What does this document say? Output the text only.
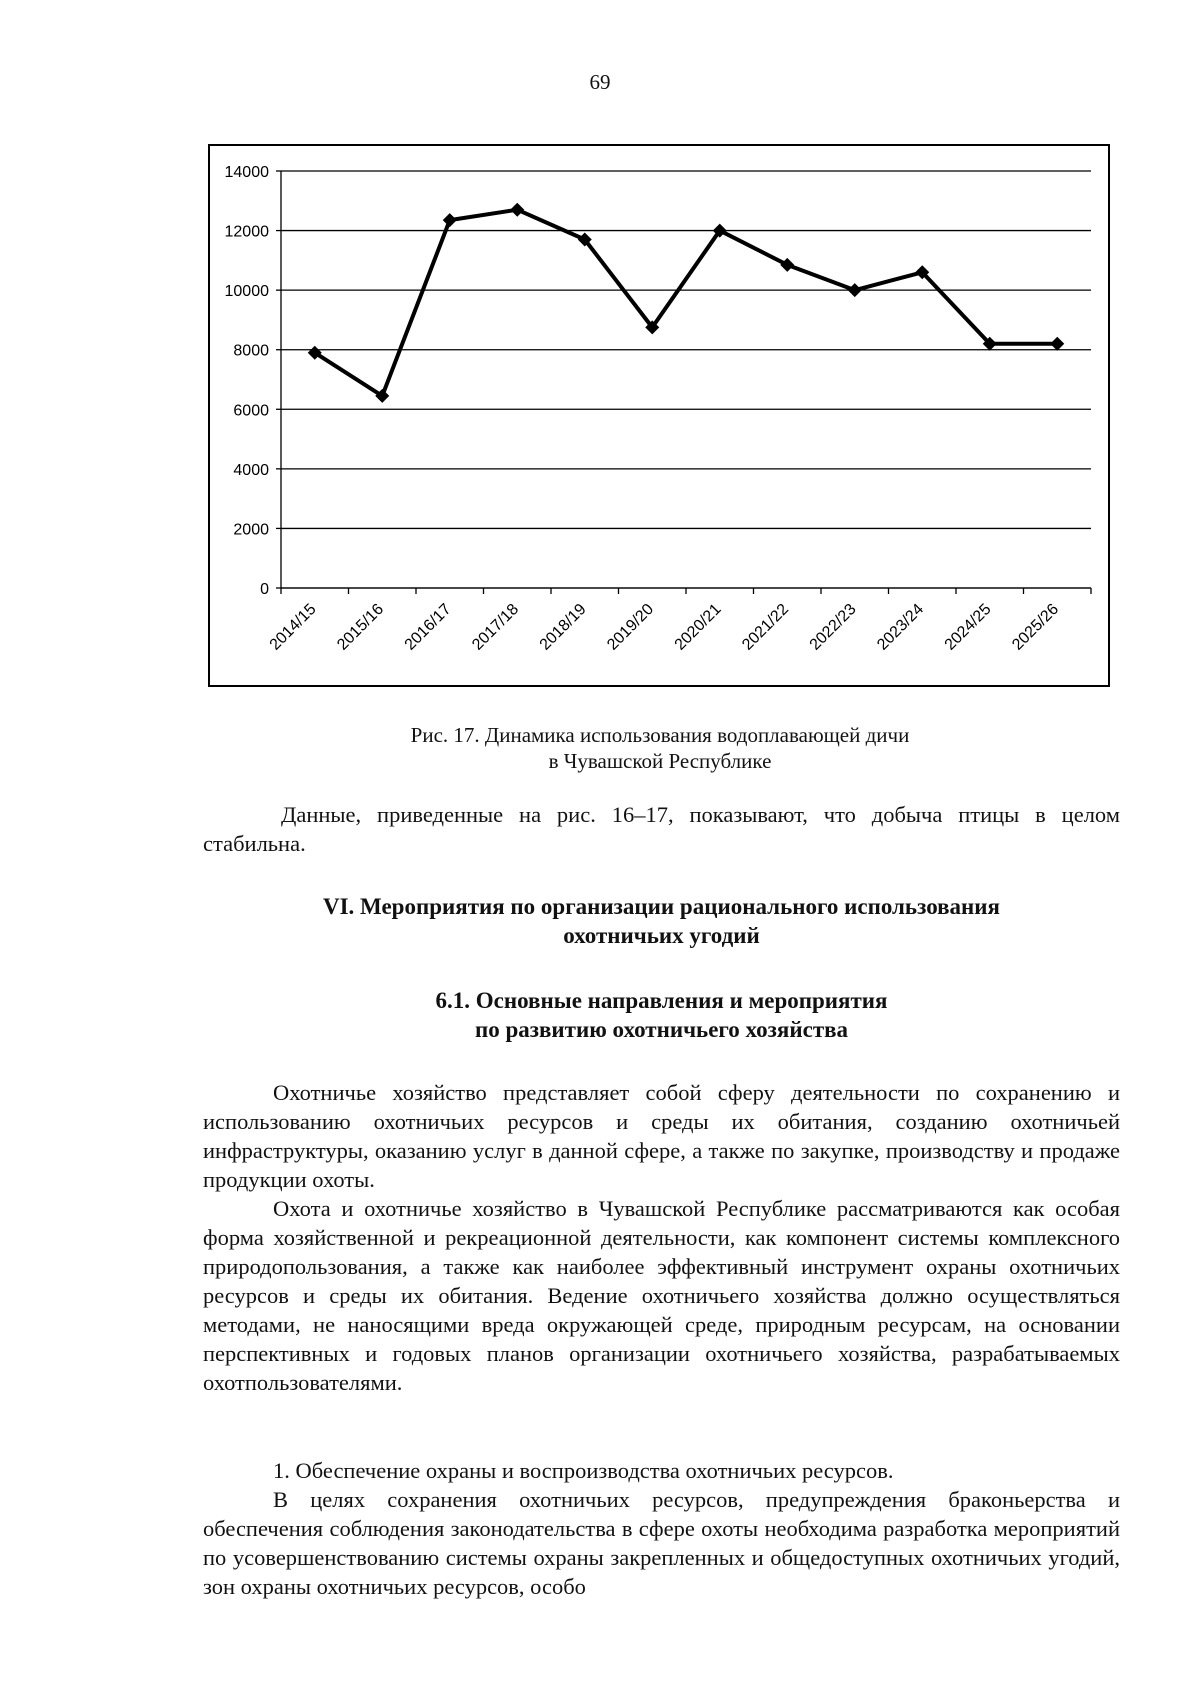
69
0
2000
4000
6000
8000
10000
12000
14000
2014/15 2015/16 2016/17 2017/18 2018/19 2019/20 2020/21 2021/22 2022/23 2023/24 2024/25 2025/26
Рис. 17. Динамика использования водоплавающей дичи
в Чувашской Республике

Данные, приведенные на рис. 16–17, показывают, что добыча птицы в целом стабильна.

VI. Мероприятия по организации рационального использования
охотничьих угодий
6.1. Основные направления и мероприятия
по развитию охотничьего хозяйства

Охотничье хозяйство представляет собой сферу деятельности по сохранению и использованию охотничьих ресурсов и среды их обитания, созданию охотничьей инфраструктуры, оказанию услуг в данной сфере, а также по закупке, производству и продаже продукции охоты.

Охота и охотничье хозяйство в Чувашской Республике рассматриваются как особая форма хозяйственной и рекреационной деятельности, как компонент системы комплексного природопользования, а также как наиболее эффективный инструмент охраны охотничьих ресурсов и среды их обитания. Ведение охотничьего хозяйства должно осуществляться методами, не наносящими вреда окружающей среде, природным ресурсам, на основании перспективных и годовых планов организации охотничьего хозяйства, разрабатываемых охотпользователями.

1. Обеспечение охраны и воспроизводства охотничьих ресурсов.

В целях сохранения охотничьих ресурсов, предупреждения браконьерства и обеспечения соблюдения законодательства в сфере охоты необходима разработка мероприятий по усовершенствованию системы охраны закрепленных и общедоступных охотничьих угодий, зон охраны охотничьих ресурсов, особо
